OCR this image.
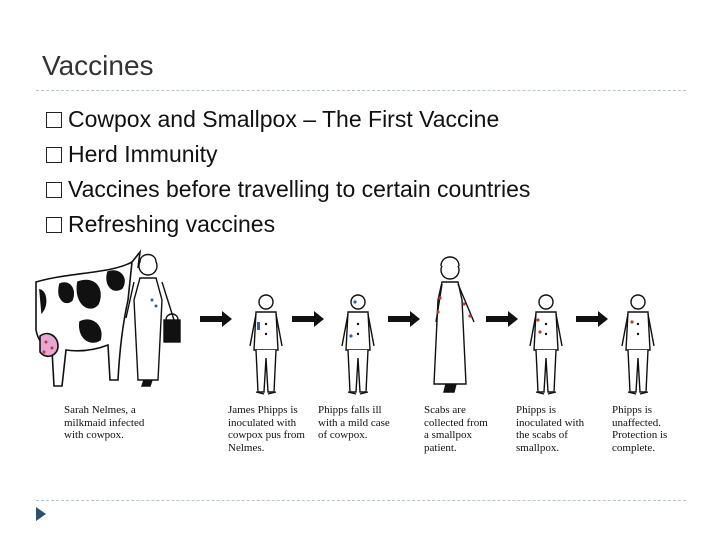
Vaccines
Cowpox and Smallpox – The First Vaccine
Herd Immunity
Vaccines before travelling to certain countries
Refreshing vaccines
Sarah Nelmes, a
milkmaid infected
with cowpox.
James Phipps is
inoculated with
cowpox pus from
Nelmes.
Phipps falls ill
with a mild case
of cowpox.
Scabs are
collected from
a smallpox
patient.
Phipps is
inoculated with
the scabs of
smallpox.
Phipps is
unaffected.
Protection is
complete.
